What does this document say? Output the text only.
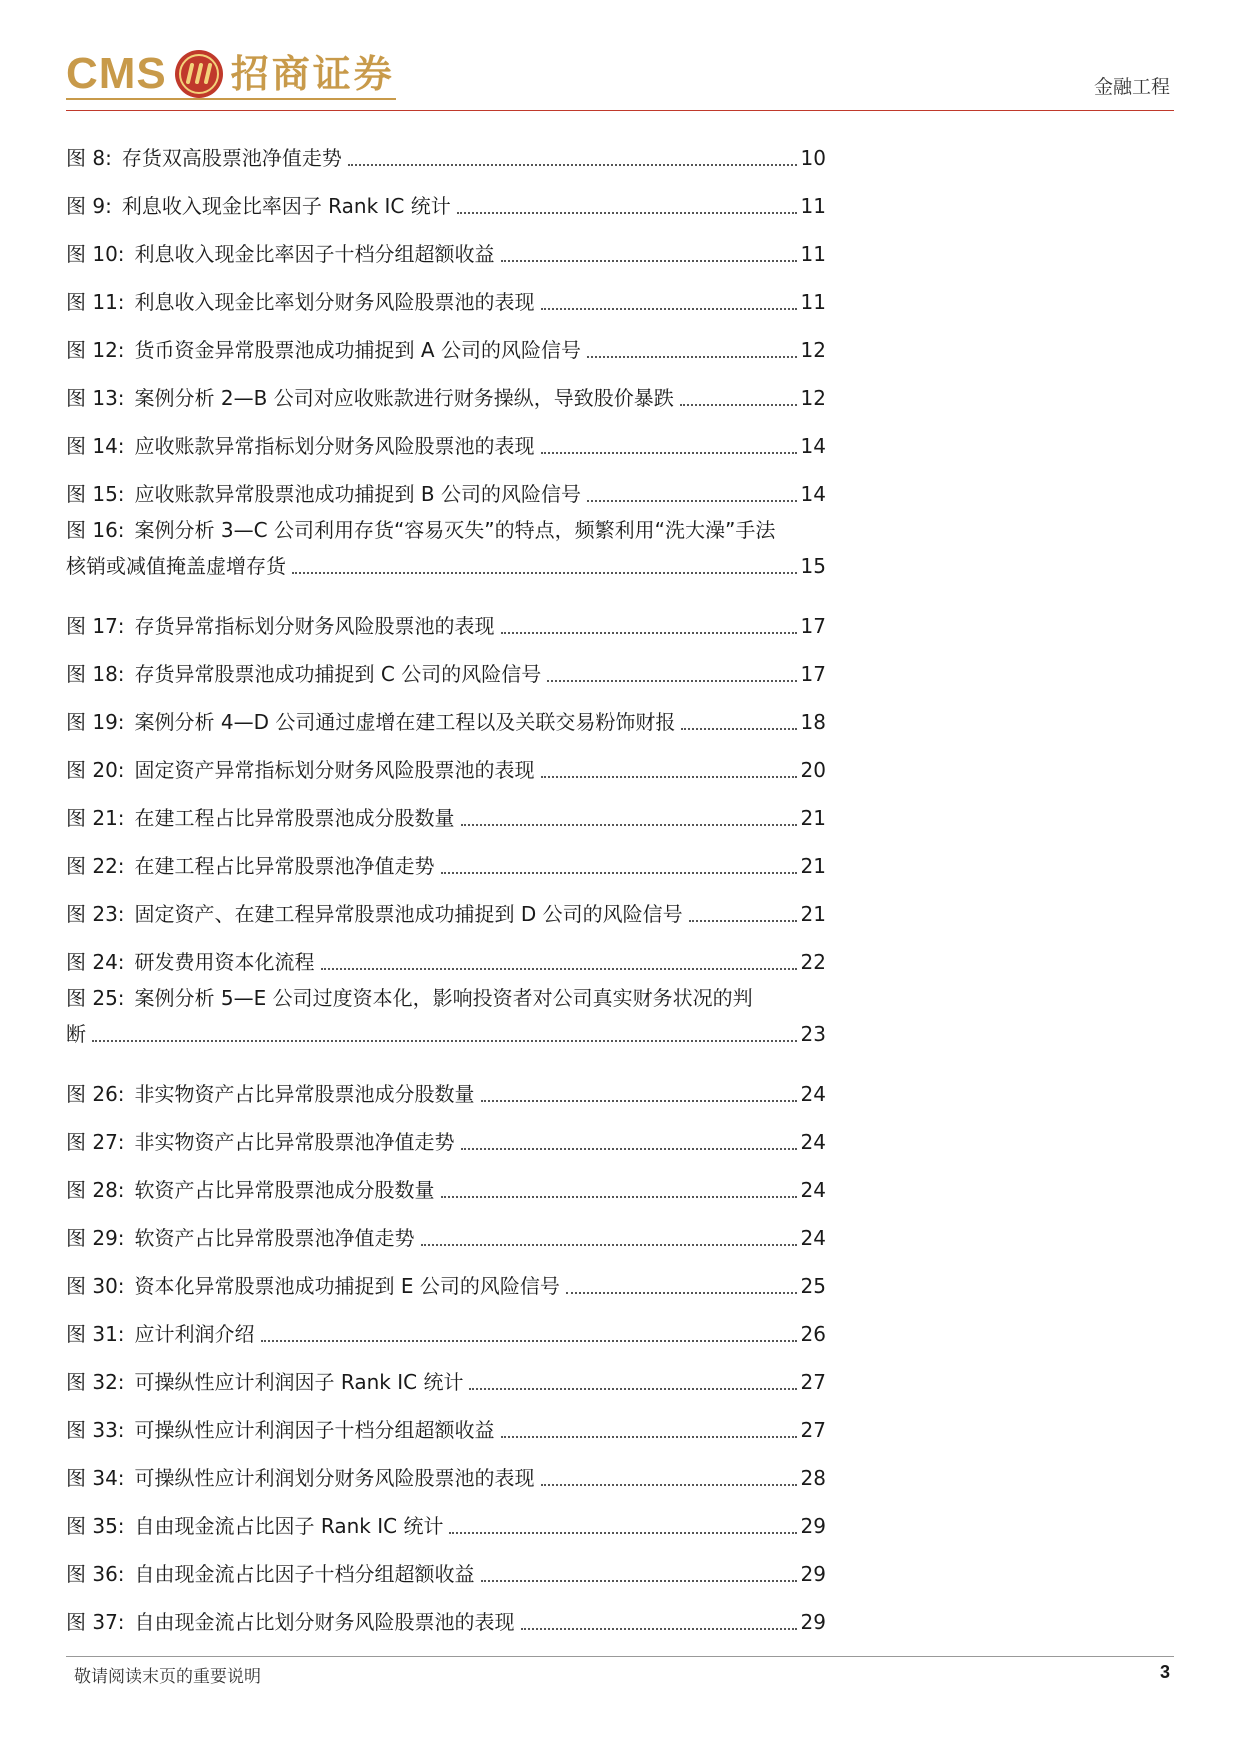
CMS 招商证券	金融工程
图 8: 存货双高股票池净值走势	10
图 9: 利息收入现金比率因子 Rank IC 统计	11
图 10: 利息收入现金比率因子十档分组超额收益	11
图 11: 利息收入现金比率划分财务风险股票池的表现	11
图 12: 货币资金异常股票池成功捕捉到 A 公司的风险信号	12
图 13: 案例分析 2—B 公司对应收账款进行财务操纵，导致股价暴跌	12
图 14: 应收账款异常指标划分财务风险股票池的表现	14
图 15: 应收账款异常股票池成功捕捉到 B 公司的风险信号	14
图 16: 案例分析 3—C 公司利用存货“容易灭失”的特点，频繁利用“洗大澡”手法
核销或减值掩盖虚增存货	15
图 17: 存货异常指标划分财务风险股票池的表现	17
图 18: 存货异常股票池成功捕捉到 C 公司的风险信号	17
图 19: 案例分析 4—D 公司通过虚增在建工程以及关联交易粉饰财报	18
图 20: 固定资产异常指标划分财务风险股票池的表现	20
图 21: 在建工程占比异常股票池成分股数量	21
图 22: 在建工程占比异常股票池净值走势	21
图 23: 固定资产、在建工程异常股票池成功捕捉到 D 公司的风险信号	21
图 24: 研发费用资本化流程	22
图 25: 案例分析 5—E 公司过度资本化，影响投资者对公司真实财务状况的判
断	23
图 26: 非实物资产占比异常股票池成分股数量	24
图 27: 非实物资产占比异常股票池净值走势	24
图 28: 软资产占比异常股票池成分股数量	24
图 29: 软资产占比异常股票池净值走势	24
图 30: 资本化异常股票池成功捕捉到 E 公司的风险信号	25
图 31: 应计利润介绍	26
图 32: 可操纵性应计利润因子 Rank IC 统计	27
图 33: 可操纵性应计利润因子十档分组超额收益	27
图 34: 可操纵性应计利润划分财务风险股票池的表现	28
图 35: 自由现金流占比因子 Rank IC 统计	29
图 36: 自由现金流占比因子十档分组超额收益	29
图 37: 自由现金流占比划分财务风险股票池的表现	29
敬请阅读末页的重要说明	3
